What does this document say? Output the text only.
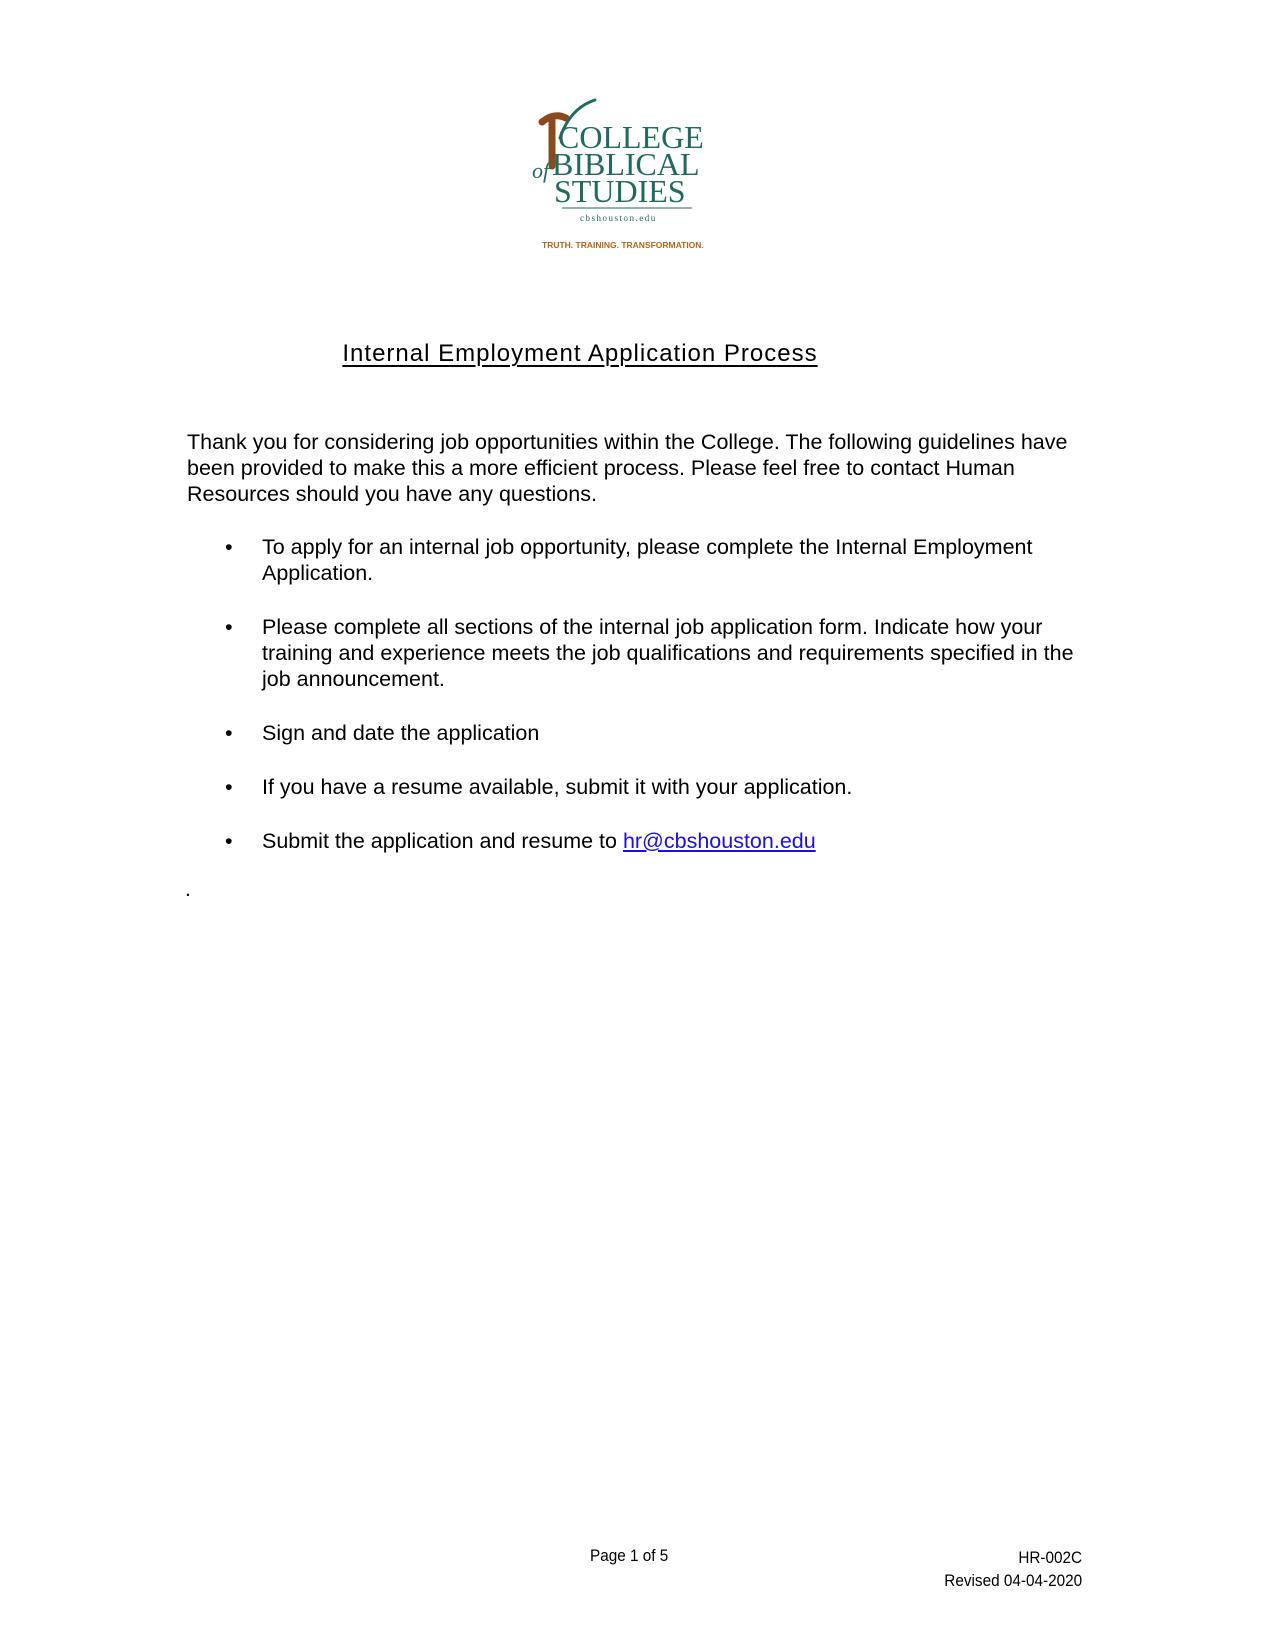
COLLEGE
of BIBLICAL
STUDIES
cbshouston.edu
TRUTH. TRAINING. TRANSFORMATION.
Internal Employment Application Process

Thank you for considering job opportunities within the College. The following guidelines have been provided to make this a more efficient process. Please feel free to contact Human Resources should you have any questions.

• To apply for an internal job opportunity, please complete the Internal Employment Application.
• Please complete all sections of the internal job application form. Indicate how your training and experience meets the job qualifications and requirements specified in the job announcement.
• Sign and date the application
• If you have a resume available, submit it with your application.
• Submit the application and resume to hr@cbshouston.edu
.
Page 1 of 5	HR-002C
Revised 04-04-2020
